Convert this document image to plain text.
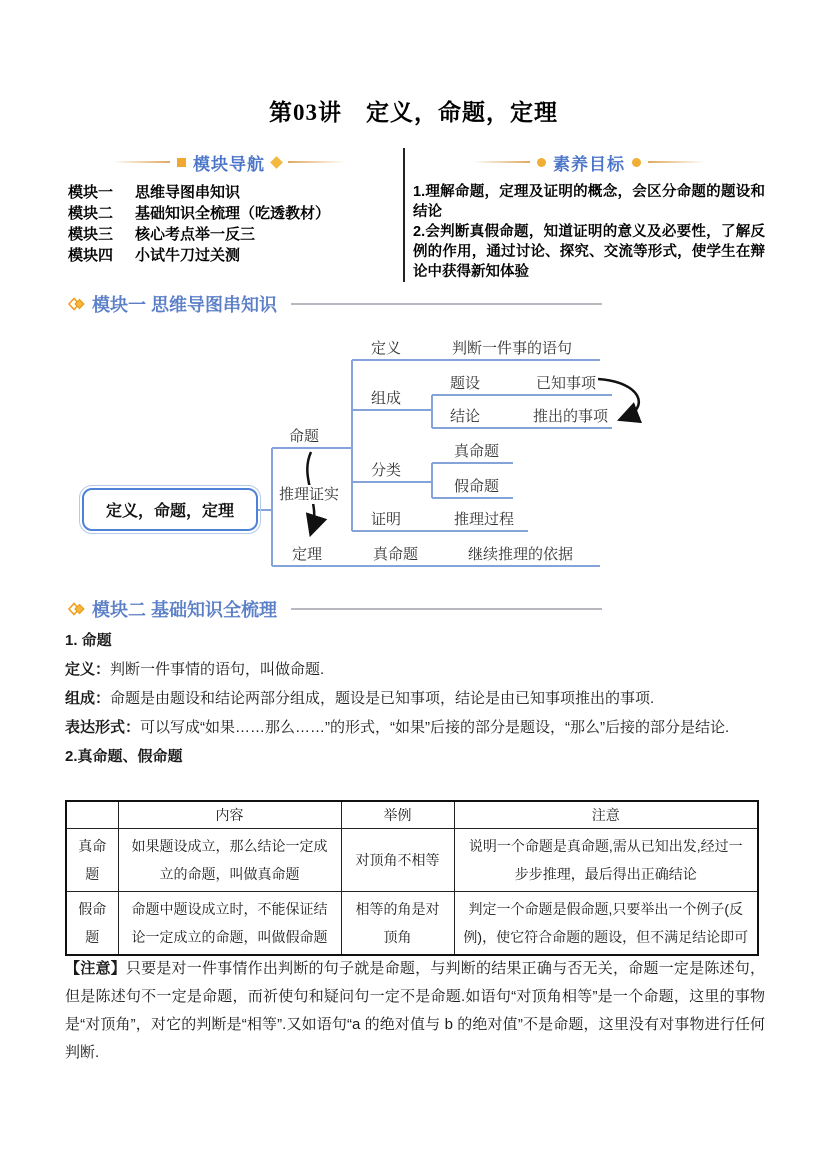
第03讲　定义，命题，定理
模块导航
模块一	思维导图串知识
模块二	基础知识全梳理（吃透教材）
模块三	核心考点举一反三
模块四	小试牛刀过关测
素养目标

1.理解命题，定理及证明的概念，会区分命题的题设和结论

2.会判断真假命题，知道证明的意义及必要性，了解反例的作用，通过讨论、探究、交流等形式，使学生在辩论中获得新知体验

模块一 思维导图串知识
定义，命题，定理
命题
推理证实
定理
定义	判断一件事的语句
组成
题设	已知事项
结论	推出的事项
分类
真命题
假命题
证明	推理过程
真命题	继续推理的依据
模块二 基础知识全梳理

1. 命题

定义：判断一件事情的语句，叫做命题.

组成：命题是由题设和结论两部分组成，题设是已知事项，结论是由已知事项推出的事项.

表达形式：可以写成“如果……那么……”的形式，“如果”后接的部分是题设，“那么”后接的部分是结论.

2.真命题、假命题

	内容	举例	注意
真命题	如果题设成立，那么结论一定成立的命题，叫做真命题	对顶角不相等	说明一个命题是真命题,需从已知出发,经过一步步推理，最后得出正确结论
假命题	命题中题设成立时，不能保证结论一定成立的命题，叫做假命题	相等的角是对顶角	判定一个命题是假命题,只要举出一个例子(反例)，使它符合命题的题设，但不满足结论即可
【注意】只要是对一件事情作出判断的句子就是命题，与判断的结果正确与否无关，命题一定是陈述句，但是陈述句不一定是命题，而祈使句和疑问句一定不是命题.如语句“对顶角相等”是一个命题，这里的事物是“对顶角”，对它的判断是“相等”.又如语句“a 的绝对值与 b 的绝对值”不是命题，这里没有对事物进行任何判断.
